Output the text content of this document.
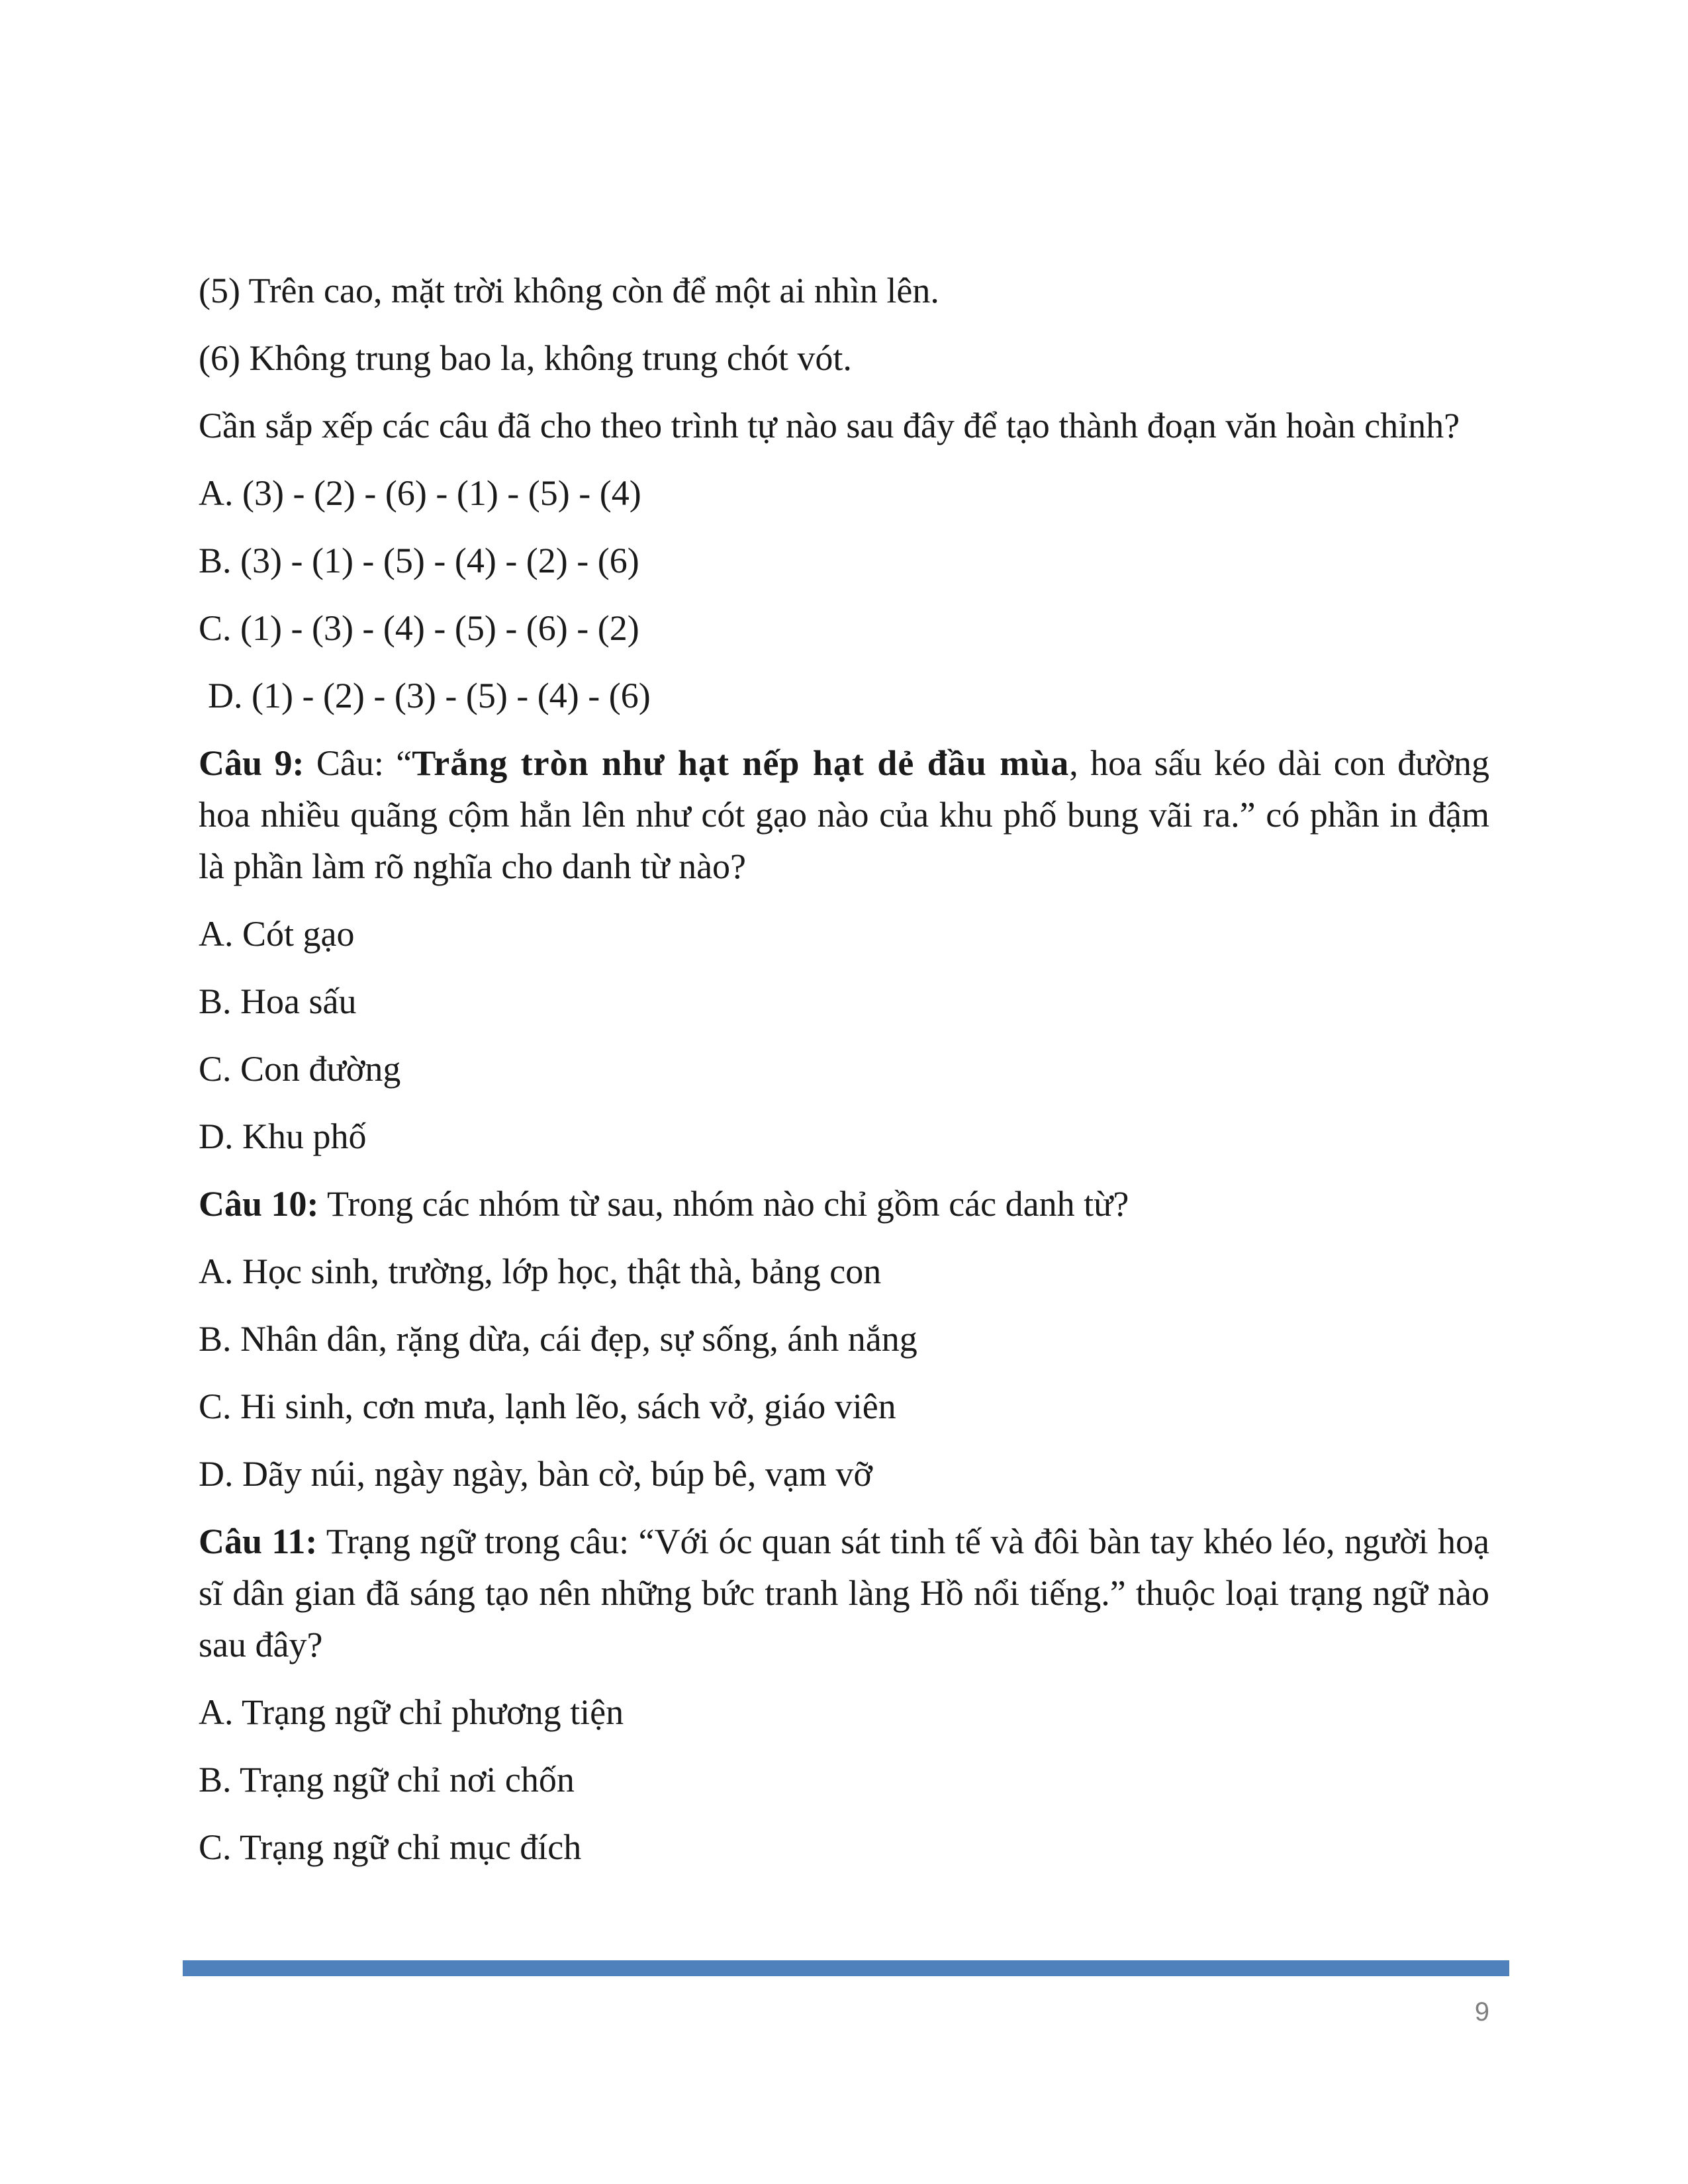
(5) Trên cao, mặt trời không còn để một ai nhìn lên.

(6) Không trung bao la, không trung chót vót.

Cần sắp xếp các câu đã cho theo trình tự nào sau đây để tạo thành đoạn văn hoàn chỉnh?

A. (3) - (2) - (6) - (1) - (5) - (4)

B. (3) - (1) - (5) - (4) - (2) - (6)

C. (1) - (3) - (4) - (5) - (6) - (2)

D. (1) - (2) - (3) - (5) - (4) - (6)

Câu 9: Câu: “Trắng tròn như hạt nếp hạt dẻ đầu mùa, hoa sấu kéo dài con đường hoa nhiều quãng cộm hẳn lên như cót gạo nào của khu phố bung vãi ra.” có phần in đậm là phần làm rõ nghĩa cho danh từ nào?

A. Cót gạo

B. Hoa sấu

C. Con đường

D. Khu phố

Câu 10: Trong các nhóm từ sau, nhóm nào chỉ gồm các danh từ?

A. Học sinh, trường, lớp học, thật thà, bảng con

B. Nhân dân, rặng dừa, cái đẹp, sự sống, ánh nắng

C. Hi sinh, cơn mưa, lạnh lẽo, sách vở, giáo viên

D. Dãy núi, ngày ngày, bàn cờ, búp bê, vạm vỡ

Câu 11: Trạng ngữ trong câu: “Với óc quan sát tinh tế và đôi bàn tay khéo léo, người hoạ sĩ dân gian đã sáng tạo nên những bức tranh làng Hồ nổi tiếng.” thuộc loại trạng ngữ nào sau đây?

A. Trạng ngữ chỉ phương tiện

B. Trạng ngữ chỉ nơi chốn

C. Trạng ngữ chỉ mục đích

9
